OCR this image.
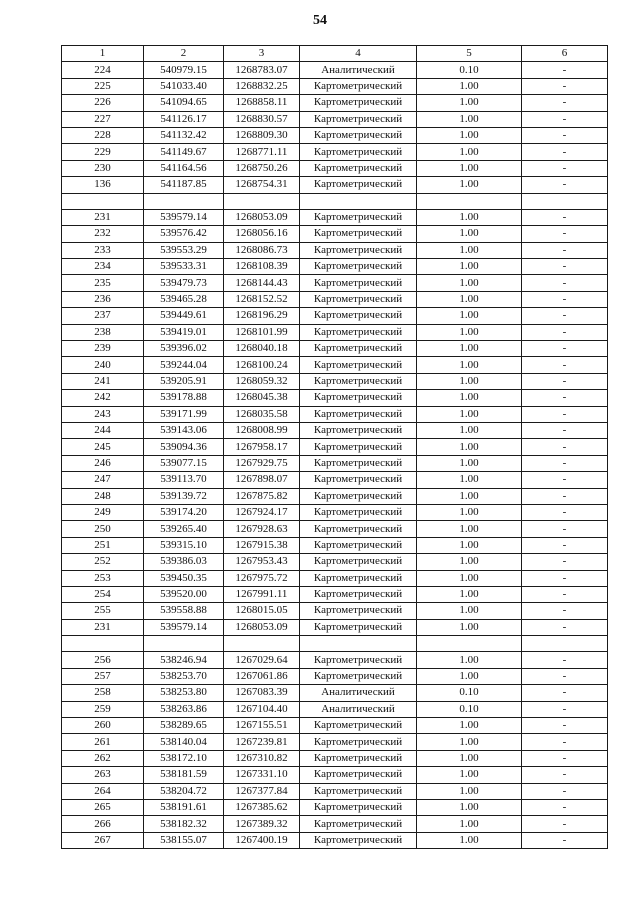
54
1	2	3	4	5	6
224	540979.15	1268783.07	Аналитический	0.10	-
225	541033.40	1268832.25	Картометрический	1.00	-
226	541094.65	1268858.11	Картометрический	1.00	-
227	541126.17	1268830.57	Картометрический	1.00	-
228	541132.42	1268809.30	Картометрический	1.00	-
229	541149.67	1268771.11	Картометрический	1.00	-
230	541164.56	1268750.26	Картометрический	1.00	-
136	541187.85	1268754.31	Картометрический	1.00	-

231	539579.14	1268053.09	Картометрический	1.00	-
232	539576.42	1268056.16	Картометрический	1.00	-
233	539553.29	1268086.73	Картометрический	1.00	-
234	539533.31	1268108.39	Картометрический	1.00	-
235	539479.73	1268144.43	Картометрический	1.00	-
236	539465.28	1268152.52	Картометрический	1.00	-
237	539449.61	1268196.29	Картометрический	1.00	-
238	539419.01	1268101.99	Картометрический	1.00	-
239	539396.02	1268040.18	Картометрический	1.00	-
240	539244.04	1268100.24	Картометрический	1.00	-
241	539205.91	1268059.32	Картометрический	1.00	-
242	539178.88	1268045.38	Картометрический	1.00	-
243	539171.99	1268035.58	Картометрический	1.00	-
244	539143.06	1268008.99	Картометрический	1.00	-
245	539094.36	1267958.17	Картометрический	1.00	-
246	539077.15	1267929.75	Картометрический	1.00	-
247	539113.70	1267898.07	Картометрический	1.00	-
248	539139.72	1267875.82	Картометрический	1.00	-
249	539174.20	1267924.17	Картометрический	1.00	-
250	539265.40	1267928.63	Картометрический	1.00	-
251	539315.10	1267915.38	Картометрический	1.00	-
252	539386.03	1267953.43	Картометрический	1.00	-
253	539450.35	1267975.72	Картометрический	1.00	-
254	539520.00	1267991.11	Картометрический	1.00	-
255	539558.88	1268015.05	Картометрический	1.00	-
231	539579.14	1268053.09	Картометрический	1.00	-

256	538246.94	1267029.64	Картометрический	1.00	-
257	538253.70	1267061.86	Картометрический	1.00	-
258	538253.80	1267083.39	Аналитический	0.10	-
259	538263.86	1267104.40	Аналитический	0.10	-
260	538289.65	1267155.51	Картометрический	1.00	-
261	538140.04	1267239.81	Картометрический	1.00	-
262	538172.10	1267310.82	Картометрический	1.00	-
263	538181.59	1267331.10	Картометрический	1.00	-
264	538204.72	1267377.84	Картометрический	1.00	-
265	538191.61	1267385.62	Картометрический	1.00	-
266	538182.32	1267389.32	Картометрический	1.00	-
267	538155.07	1267400.19	Картометрический	1.00	-
